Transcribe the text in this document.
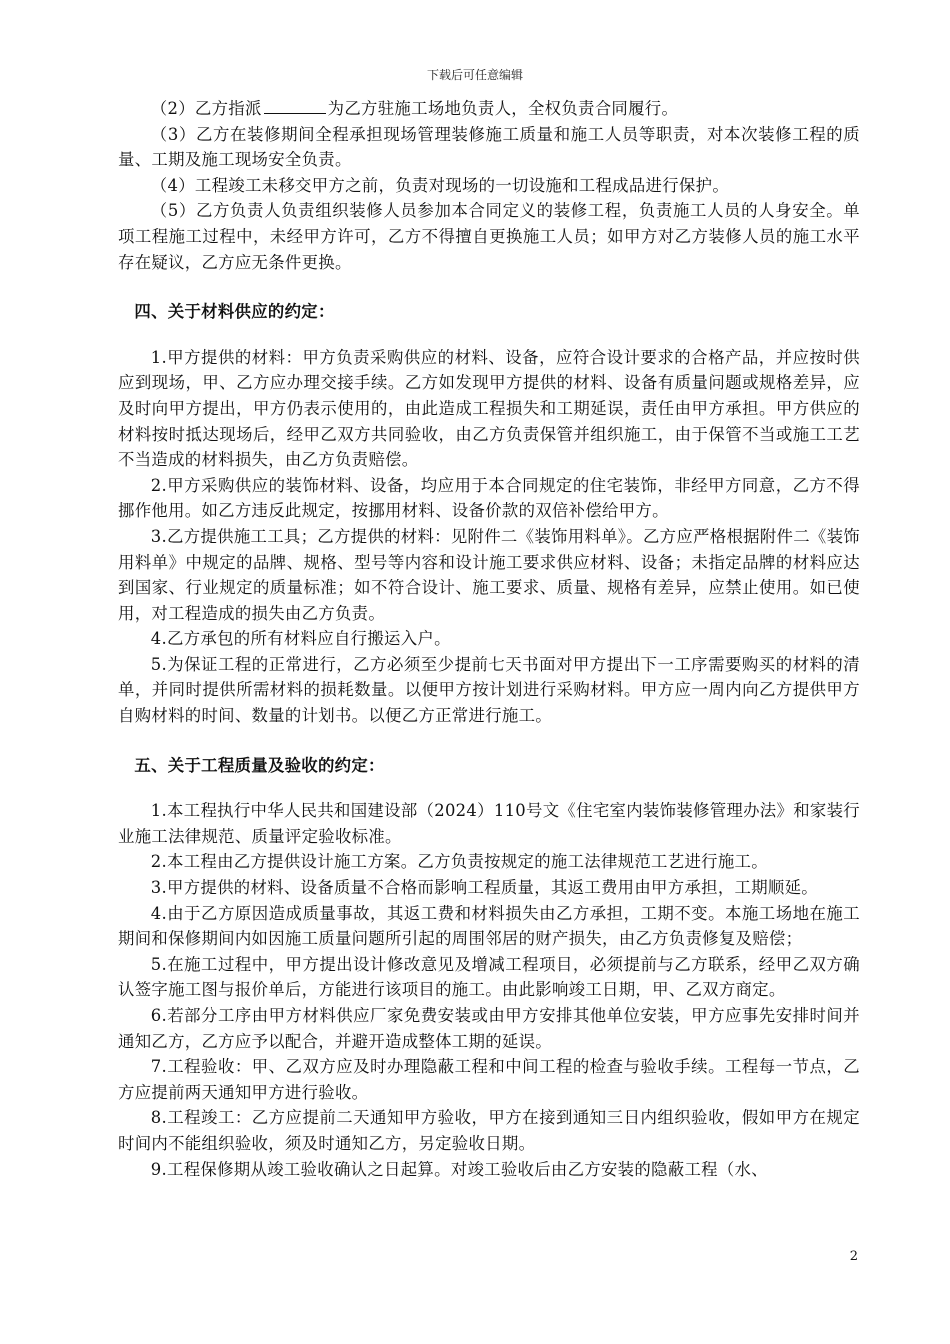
下载后可任意编辑

（2）乙方指派	为乙方驻施工场地负责人，全权负责合同履行。

（3）乙方在装修期间全程承担现场管理装修施工质量和施工人员等职责，对本次装修工程的质量、工期及施工现场安全负责。

（4）工程竣工未移交甲方之前，负责对现场的一切设施和工程成品进行保护。

（5）乙方负责人负责组织装修人员参加本合同定义的装修工程，负责施工人员的人身安全。单项工程施工过程中，未经甲方许可，乙方不得擅自更换施工人员；如甲方对乙方装修人员的施工水平存在疑议，乙方应无条件更换。

四、关于材料供应的约定：

1.甲方提供的材料：甲方负责采购供应的材料、设备，应符合设计要求的合格产品，并应按时供应到现场，甲、乙方应办理交接手续。乙方如发现甲方提供的材料、设备有质量问题或规格差异，应及时向甲方提出，甲方仍表示使用的，由此造成工程损失和工期延误，责任由甲方承担。甲方供应的材料按时抵达现场后，经甲乙双方共同验收，由乙方负责保管并组织施工，由于保管不当或施工工艺不当造成的材料损失，由乙方负责赔偿。

2.甲方采购供应的装饰材料、设备，均应用于本合同规定的住宅装饰，非经甲方同意，乙方不得挪作他用。如乙方违反此规定，按挪用材料、设备价款的双倍补偿给甲方。

3.乙方提供施工工具；乙方提供的材料：见附件二《装饰用料单》。乙方应严格根据附件二《装饰用料单》中规定的品牌、规格、型号等内容和设计施工要求供应材料、设备；未指定品牌的材料应达到国家、行业规定的质量标准；如不符合设计、施工要求、质量、规格有差异，应禁止使用。如已使用，对工程造成的损失由乙方负责。

4.乙方承包的所有材料应自行搬运入户。

5.为保证工程的正常进行，乙方必须至少提前七天书面对甲方提出下一工序需要购买的材料的清单，并同时提供所需材料的损耗数量。以便甲方按计划进行采购材料。甲方应一周内向乙方提供甲方自购材料的时间、数量的计划书。以便乙方正常进行施工。

五、关于工程质量及验收的约定：

1.本工程执行中华人民共和国建设部（2024）110号文《住宅室内装饰装修管理办法》和家装行业施工法律规范、质量评定验收标准。

2.本工程由乙方提供设计施工方案。乙方负责按规定的施工法律规范工艺进行施工。

3.甲方提供的材料、设备质量不合格而影响工程质量，其返工费用由甲方承担，工期顺延。

4.由于乙方原因造成质量事故，其返工费和材料损失由乙方承担，工期不变。本施工场地在施工期间和保修期间内如因施工质量问题所引起的周围邻居的财产损失，由乙方负责修复及赔偿；

5.在施工过程中，甲方提出设计修改意见及增减工程项目，必须提前与乙方联系，经甲乙双方确认签字施工图与报价单后，方能进行该项目的施工。由此影响竣工日期，甲、乙双方商定。

6.若部分工序由甲方材料供应厂家免费安装或由甲方安排其他单位安装，甲方应事先安排时间并通知乙方，乙方应予以配合，并避开造成整体工期的延误。

7.工程验收：甲、乙双方应及时办理隐蔽工程和中间工程的检查与验收手续。工程每一节点，乙方应提前两天通知甲方进行验收。

8.工程竣工：乙方应提前二天通知甲方验收，甲方在接到通知三日内组织验收，假如甲方在规定时间内不能组织验收，须及时通知乙方，另定验收日期。

9.工程保修期从竣工验收确认之日起算。对竣工验收后由乙方安装的隐蔽工程（水、

2
